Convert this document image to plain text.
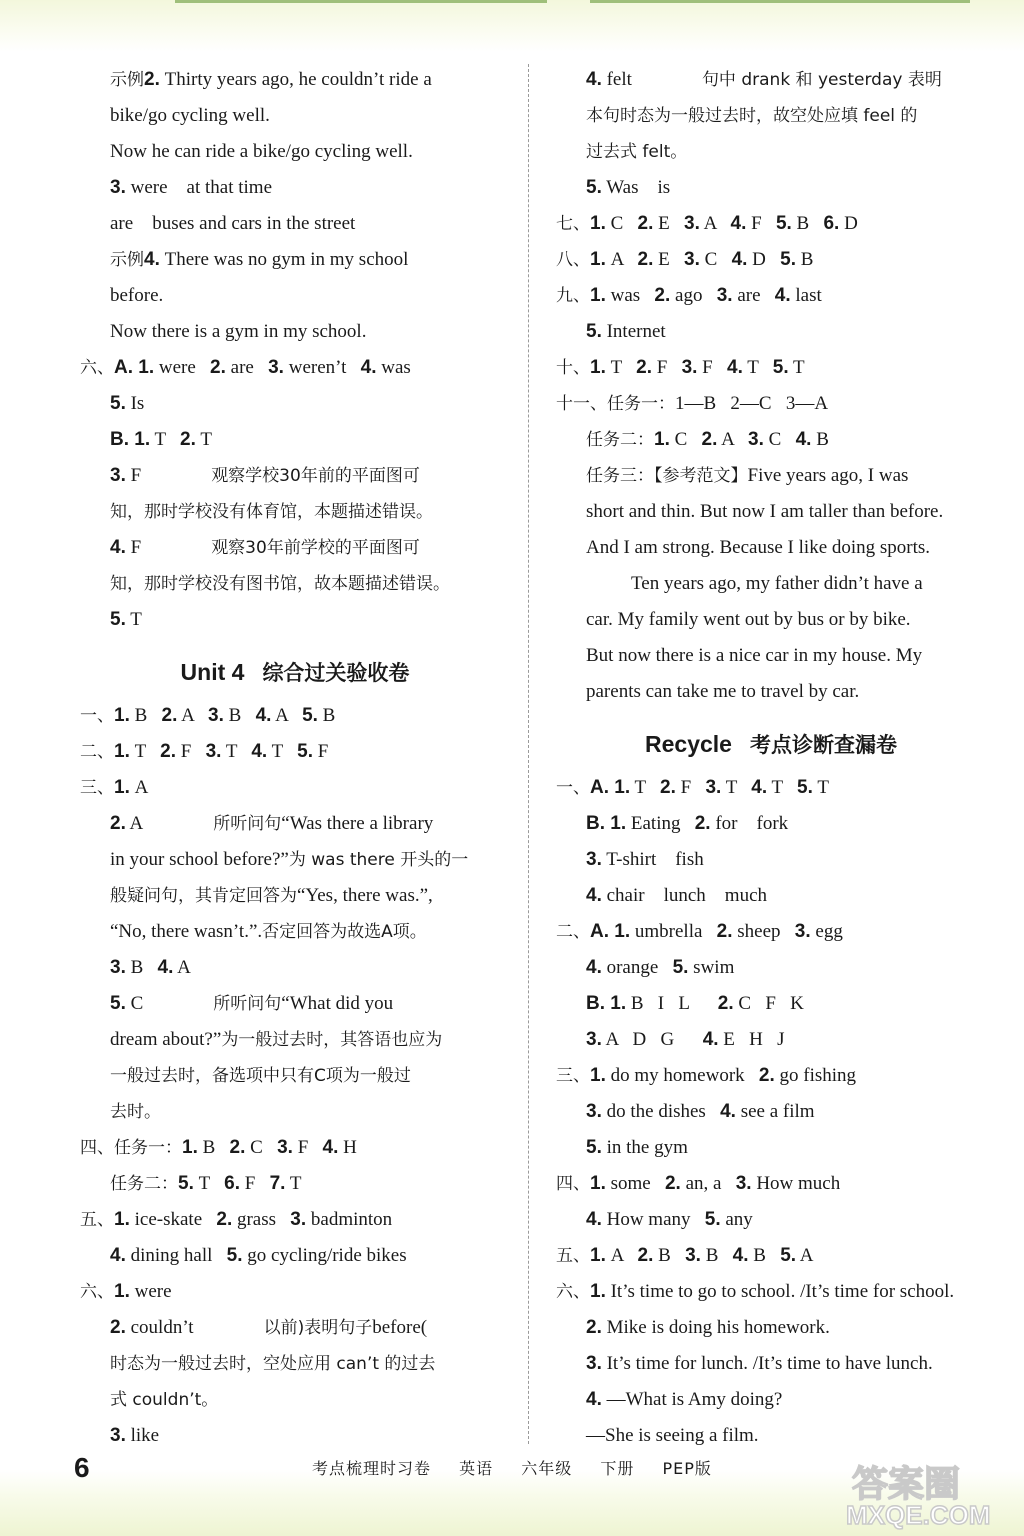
示例2. Thirty years ago, he couldn’t ride a
bike/go cycling well.
Now he can ride a bike/go cycling well.
3. were    at that time
are    buses and cars in the street
示例4. There was no gym in my school
before.
Now there is a gym in my school.
六、A. 1. were   2. are   3. weren’t   4. was
5. Is
B. 1. T   2. T
3. F	观察学校30年前的平面图可
知，那时学校没有体育馆，本题描述错误。
4. F	观察30年前学校的平面图可
知，那时学校没有图书馆，故本题描述错误。
5. T
Unit 4 综合过关验收卷
一、1. B   2. A   3. B   4. A   5. B
二、1. T   2. F   3. T   4. T   5. F
三、1. A
2. A	所听问句“Was there a library
in your school before?”为 was there 开头的一
般疑问句，其肯定回答为“Yes, there was.”,
“No, there wasn’t.”.否定回答为故选A项。
3. B   4. A
5. C	所听问句“What did you
dream about?”为一般过去时，其答语也应为
一般过去时，备选项中只有C项为一般过
去时。
四、任务一：1. B   2. C   3. F   4. H
任务二：5. T   6. F   7. T
五、1. ice-skate   2. grass   3. badminton
4. dining hall   5. go cycling/ride bikes
六、1. were
2. couldn’t	以前)表明句子before(
时态为一般过去时，空处应用 can’t 的过去
式 couldn’t。
3. like
4. felt	句中 drank 和 yesterday 表明
本句时态为一般过去时，故空处应填 feel 的
过去式 felt。
5. Was    is
七、1. C   2. E   3. A   4. F   5. B   6. D
八、1. A   2. E   3. C   4. D   5. B
九、1. was   2. ago   3. are   4. last
5. Internet
十、1. T   2. F   3. F   4. T   5. T
十一、任务一：1—B   2—C   3—A
任务二：1. C   2. A   3. C   4. B
任务三：【参考范文】Five years ago, I was
short and thin. But now I am taller than before.
And I am strong. Because I like doing sports.
Ten years ago, my father didn’t have a
car. My family went out by bus or by bike.
But now there is a nice car in my house. My
parents can take me to travel by car.
Recycle 考点诊断查漏卷
一、A. 1. T   2. F   3. T   4. T   5. T
B. 1. Eating   2. for    fork
3. T-shirt    fish
4. chair    lunch    much
二、A. 1. umbrella   2. sheep   3. egg
4. orange   5. swim
B. 1. B   I   L      2. C   F   K
3. A   D   G      4. E   H   J
三、1. do my homework   2. go fishing
3. do the dishes   4. see a film
5. in the gym
四、1. some   2. an, a   3. How much
4. How many   5. any
五、1. A   2. B   3. B   4. B   5. A
六、1. It’s time to go to school. /It’s time for school.
2. Mike is doing his homework.
3. It’s time for lunch. /It’s time to have lunch.
4. —What is Amy doing?
—She is seeing a film.
6	考点梳理时习卷 英语 六年级 下册 PEP版	答案圈
MXQE.COM
